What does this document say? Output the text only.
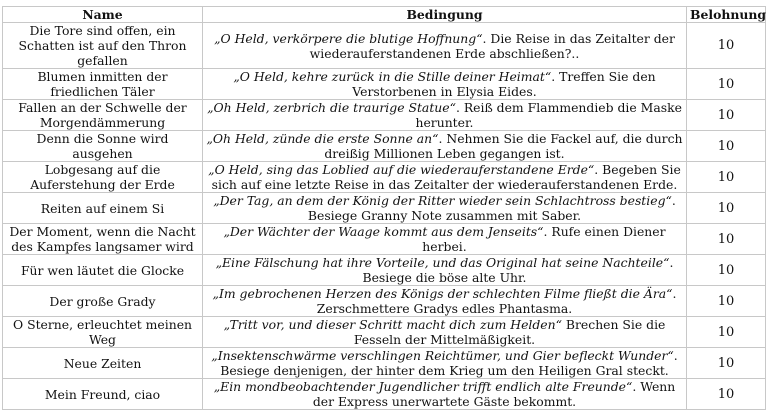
Name	Bedingung	Belohnung
Die Tore sind offen, ein Schatten ist auf den Thron gefallen	„O Held, verkörpere die blutige Hoffnung“. Die Reise in das Zeitalter der wiederauferstandenen Erde abschließen?..	10
Blumen inmitten der friedlichen Täler	„O Held, kehre zurück in die Stille deiner Heimat“. Treffen Sie den Verstorbenen in Elysia Eides.	10
Fallen an der Schwelle der Morgendämmerung	„Oh Held, zerbrich die traurige Statue“. Reiß dem Flammendieb die Maske herunter.	10
Denn die Sonne wird ausgehen	„Oh Held, zünde die erste Sonne an“. Nehmen Sie die Fackel auf, die durch dreißig Millionen Leben gegangen ist.	10
Lobgesang auf die Auferstehung der Erde	„O Held, sing das Loblied auf die wiederauferstandene Erde“. Begeben Sie sich auf eine letzte Reise in das Zeitalter der wiederauferstandenen Erde.	10
Reiten auf einem Si	„Der Tag, an dem der König der Ritter wieder sein Schlachtross bestieg“. Besiege Granny Note zusammen mit Saber.	10
Der Moment, wenn die Nacht des Kampfes langsamer wird	„Der Wächter der Waage kommt aus dem Jenseits“. Rufe einen Diener herbei.	10
Für wen läutet die Glocke	„Eine Fälschung hat ihre Vorteile, und das Original hat seine Nachteile“. Besiege die böse alte Uhr.	10
Der große Grady	„Im gebrochenen Herzen des Königs der schlechten Filme fließt die Ära“. Zerschmettere Gradys edles Phantasma.	10
O Sterne, erleuchtet meinen Weg	„Tritt vor, und dieser Schritt macht dich zum Helden“ Brechen Sie die Fesseln der Mittelmäßigkeit.	10
Neue Zeiten	„Insektenschwärme verschlingen Reichtümer, und Gier befleckt Wunder“. Besiege denjenigen, der hinter dem Krieg um den Heiligen Gral steckt.	10
Mein Freund, ciao	„Ein mondbeobachtender Jugendlicher trifft endlich alte Freunde“. Wenn der Express unerwartete Gäste bekommt.	10
